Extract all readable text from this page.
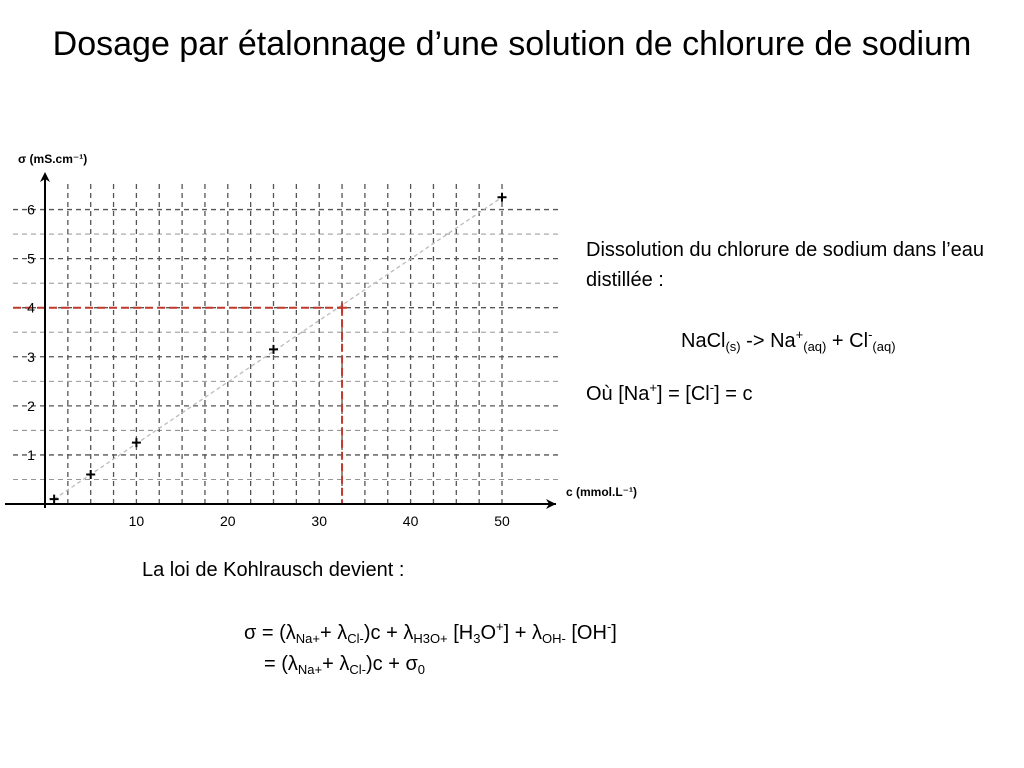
Dosage par étalonnage d’une solution de chlorure de sodium
10	20	30	40	50
1
2
3
4
5
6
σ (mS.cm⁻¹)
c (mmol.L⁻¹)
Dissolution du chlorure de sodium dans l’eau distillée :
NaCl$_{(s)}$ -> $Na^+_{(aq)} + Cl^-_{(aq)}$
Où [Na+] = [Cl-] = c
La loi de Kohlrausch devient :
$\sigma = (\lambda_{Na+}+ \lambda_{Cl-})c + \lambda_{H3O+}$ $[H_3O^+] + \lambda_{OH-}$ [OH-]
= $(\lambda_{Na+}+ \lambda_{Cl-})c + \sigma_0$
